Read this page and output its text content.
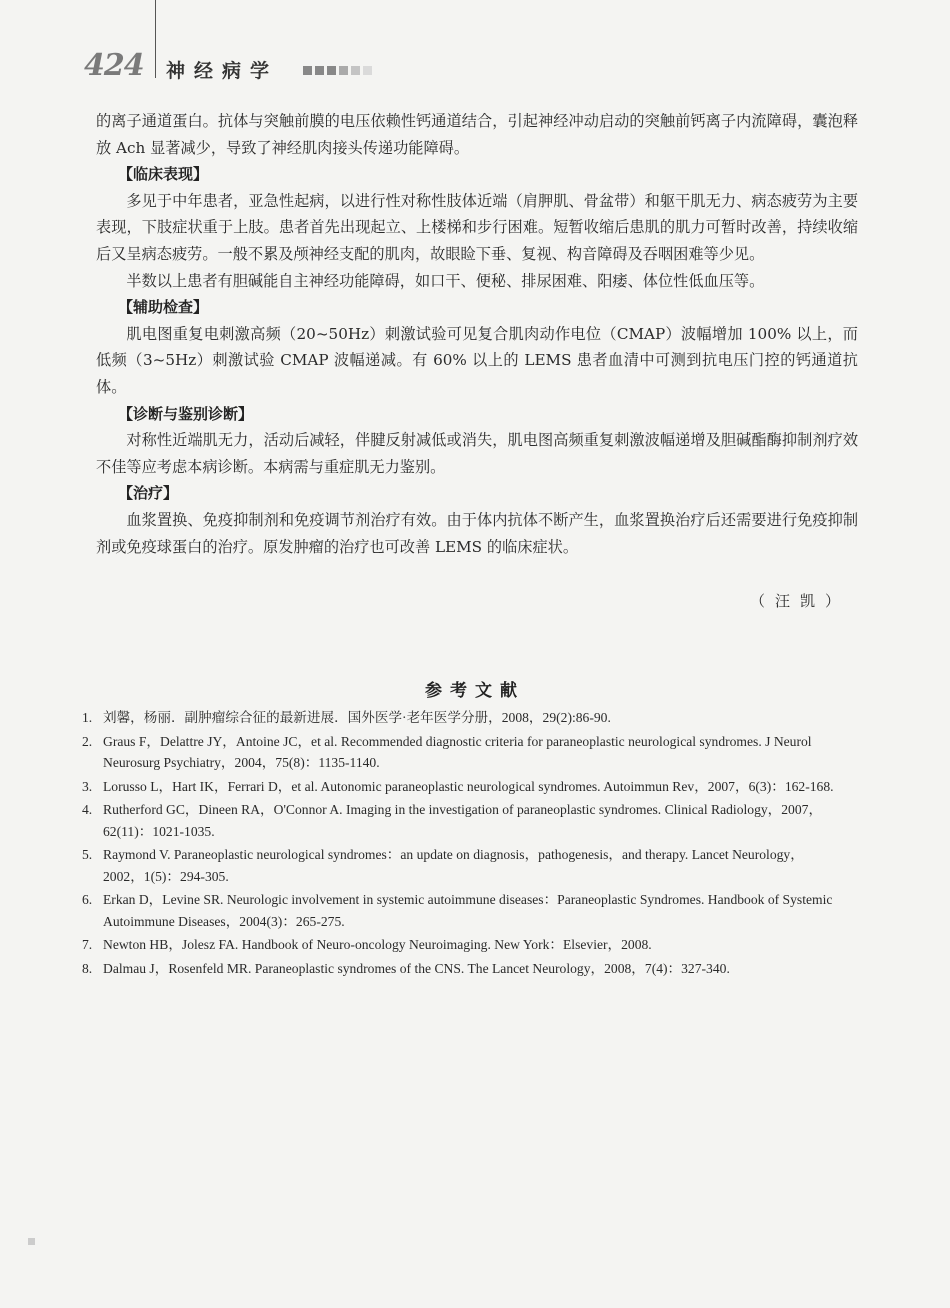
424 神经病学

的离子通道蛋白。抗体与突触前膜的电压依赖性钙通道结合，引起神经冲动启动的突触前钙离子内流障碍，囊泡释放 Ach 显著减少，导致了神经肌肉接头传递功能障碍。

【临床表现】

多见于中年患者，亚急性起病，以进行性对称性肢体近端（肩胛肌、骨盆带）和躯干肌无力、病态疲劳为主要表现，下肢症状重于上肢。患者首先出现起立、上楼梯和步行困难。短暂收缩后患肌的肌力可暂时改善，持续收缩后又呈病态疲劳。一般不累及颅神经支配的肌肉，故眼睑下垂、复视、构音障碍及吞咽困难等少见。

半数以上患者有胆碱能自主神经功能障碍，如口干、便秘、排尿困难、阳痿、体位性低血压等。

【辅助检查】

肌电图重复电刺激高频（20~50Hz）刺激试验可见复合肌肉动作电位（CMAP）波幅增加 100% 以上，而低频（3~5Hz）刺激试验 CMAP 波幅递减。有 60% 以上的 LEMS 患者血清中可测到抗电压门控的钙通道抗体。

【诊断与鉴别诊断】

对称性近端肌无力，活动后减轻，伴腱反射减低或消失，肌电图高频重复刺激波幅递增及胆碱酯酶抑制剂疗效不佳等应考虑本病诊断。本病需与重症肌无力鉴别。

【治疗】

血浆置换、免疫抑制剂和免疫调节剂治疗有效。由于体内抗体不断产生，血浆置换治疗后还需要进行免疫抑制剂或免疫球蛋白的治疗。原发肿瘤的治疗也可改善 LEMS 的临床症状。

（汪凯）
参考文献
1. 刘馨，杨丽．副肿瘤综合征的最新进展．国外医学·老年医学分册，2008，29(2):86-90.
2. Graus F，Delattre JY，Antoine JC，et al. Recommended diagnostic criteria for paraneoplastic neurological syndromes. J Neurol Neurosurg Psychiatry，2004，75(8)：1135-1140.
3. Lorusso L，Hart IK，Ferrari D，et al. Autonomic paraneoplastic neurological syndromes. Autoimmun Rev，2007，6(3)：162-168.
4. Rutherford GC，Dineen RA，O'Connor A. Imaging in the investigation of paraneoplastic syndromes. Clinical Radiology，2007，62(11)：1021-1035.
5. Raymond V. Paraneoplastic neurological syndromes：an update on diagnosis，pathogenesis，and therapy. Lancet Neurology，2002，1(5)：294-305.
6. Erkan D，Levine SR. Neurologic involvement in systemic autoimmune diseases：Paraneoplastic Syndromes. Handbook of Systemic Autoimmune Diseases，2004(3)：265-275.
7. Newton HB，Jolesz FA. Handbook of Neuro-oncology Neuroimaging. New York：Elsevier，2008.
8. Dalmau J，Rosenfeld MR. Paraneoplastic syndromes of the CNS. The Lancet Neurology，2008，7(4)：327-340.
